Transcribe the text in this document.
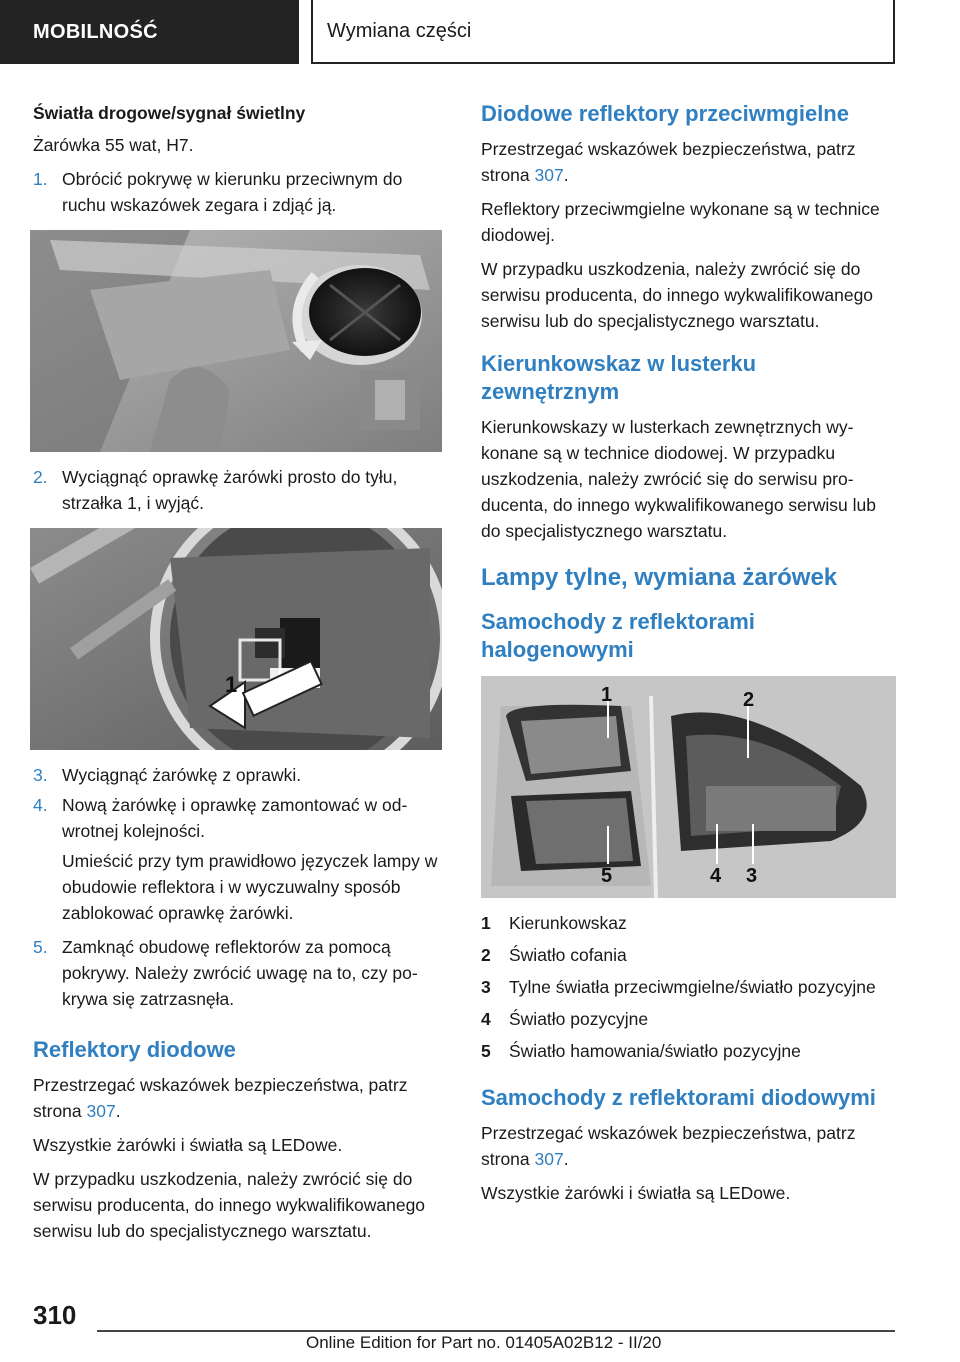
MOBILNOŚĆ	Wymiana części
Światła drogowe/sygnał świetlny

Żarówka 55 wat, H7.

1. Obrócić pokrywę w kierunku przeciwnym do ruchu wskazówek zegara i zdjąć ją.
2. Wyciągnąć oprawkę żarówki prosto do tyłu, strzałka 1, i wyjąć.
1
3. Wyciągnąć żarówkę z oprawki.
4. Nową żarówkę i oprawkę zamontować w odwrotnej kolejności.

Umieścić przy tym prawidłowo języczek lampy w obudowie reflektora i w wyczuwalny sposób zablokować oprawkę żarówki.

5. Zamknąć obudowę reflektorów za pomocą pokrywy. Należy zwrócić uwagę na to, czy pokrywa się zatrzasnęła.
Reflektory diodowe

Przestrzegać wskazówek bezpieczeństwa, patrz strona 307.

Wszystkie żarówki i światła są LEDowe.

W przypadku uszkodzenia, należy zwrócić się do serwisu producenta, do innego wykwalifikowanego serwisu lub do specjalistycznego warsztatu.

Diodowe reflektory przeciwmgielne

Przestrzegać wskazówek bezpieczeństwa, patrz strona 307.

Reflektory przeciwmgielne wykonane są w technice diodowej.

W przypadku uszkodzenia, należy zwrócić się do serwisu producenta, do innego wykwalifikowanego serwisu lub do specjalistycznego warsztatu.

Kierunkowskaz w lusterku zewnętrznym

Kierunkowskazy w lusterkach zewnętrznych wykonane są w technice diodowej. W przypadku uszkodzenia, należy zwrócić się do serwisu producenta, do innego wykwalifikowanego serwisu lub do specjalistycznego warsztatu.

Lampy tylne, wymiana żarówek
Samochody z reflektorami halogenowymi
1	2
5	4 3
1	Kierunkowskaz
2	Światło cofania
3	Tylne światła przeciwmgielne/światło pozycyjne
4	Światło pozycyjne
5	Światło hamowania/światło pozycyjne
Samochody z reflektorami diodowymi

Przestrzegać wskazówek bezpieczeństwa, patrz strona 307.

Wszystkie żarówki i światła są LEDowe.

310
Online Edition for Part no. 01405A02B12 - II/20
